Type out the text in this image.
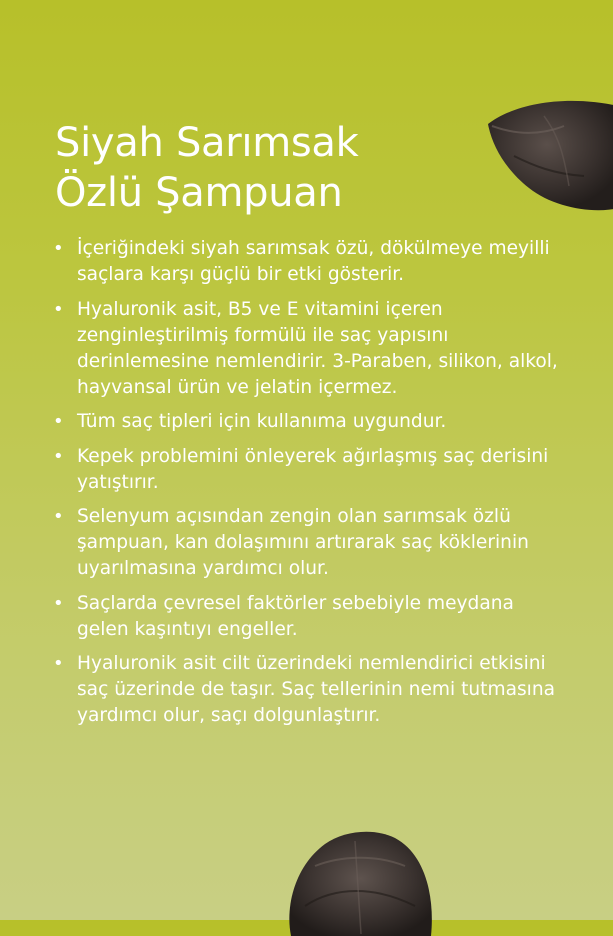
Siyah Sarımsak
Özlü Şampuan
• İçeriğindeki siyah sarımsak özü, dökülmeye meyilli saçlara karşı güçlü bir etki gösterir.
• Hyaluronik asit, B5 ve E vitamini içeren zenginleştirilmiş formülü ile saç yapısını derinlemesine nemlendirir. 3-Paraben, silikon, alkol, hayvansal ürün ve jelatin içermez.
• Tüm saç tipleri için kullanıma uygundur.
• Kepek problemini önleyerek ağırlaşmış saç derisini yatıştırır.
• Selenyum açısından zengin olan sarımsak özlü şampuan, kan dolaşımını artırarak saç köklerinin uyarılmasına yardımcı olur.
• Saçlarda çevresel faktörler sebebiyle meydana gelen kaşıntıyı engeller.
• Hyaluronik asit cilt üzerindeki nemlendirici etkisini saç üzerinde de taşır. Saç tellerinin nemi tutmasına yardımcı olur, saçı dolgunlaştırır.
